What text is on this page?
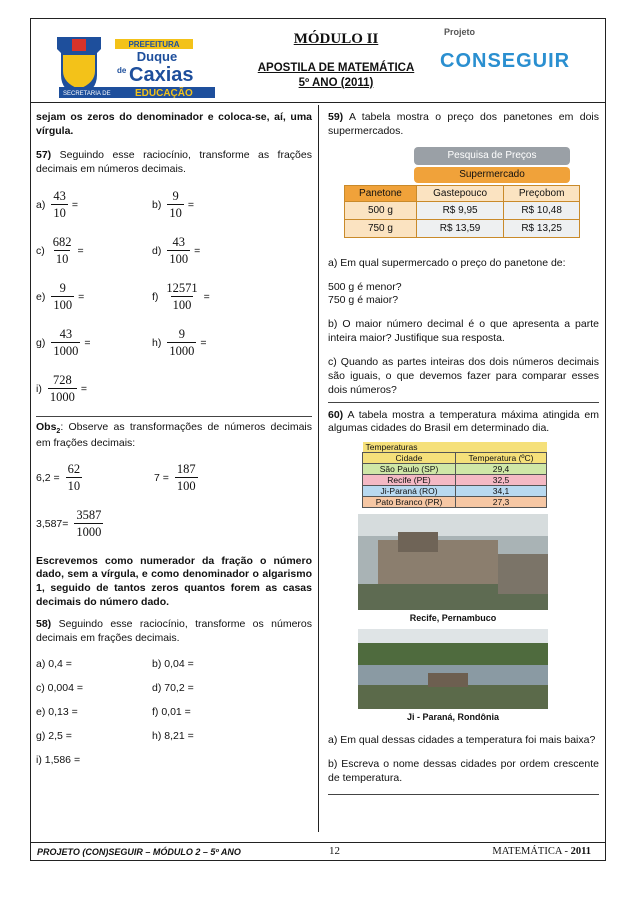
PREFEITURA
Duque
de Caxias
SECRETARIA DE EDUCAÇÃO
MÓDULO II
APOSTILA DE MATEMÁTICA
5º ANO (2011)
Projeto
CONSEGUIR

sejam os zeros do denominador e coloca-se, aí, uma vírgula.

57) Seguindo esse raciocínio, transforme as frações decimais em números decimais.

$a) \frac{43}{10}$ =	$b) \frac{9}{10}$ =
$c) \frac{682}{10}$ =	$d) \frac{43}{100}$ =
$e) \frac{9}{100}$ =	$f) \frac{12571}{100}$ =
$g) \frac{43}{1000}$ =	$h) \frac{9}{1000}$ =
$i) \frac{728}{1000}$ =

Obs$_2$: Observe as transformações de números decimais em frações decimais:

$6,2 = \frac{62}{10}$	$7 = \frac{187}{100}$
$3,587= \frac{3587}{1000}$

Escrevemos como numerador da fração o número dado, sem a vírgula, e como denominador o algarismo 1, seguido de tantos zeros quantos forem as casas decimais do número dado.

58) Seguindo esse raciocínio, transforme os números decimais em frações decimais.

a) 0,4 =	b) 0,04 =
c) 0,004 =	d) 70,2 =
e) 0,13 =	f) 0,01 =
g) 2,5 =	h) 8,21 =
i) 1,586 =

59) A tabela mostra o preço dos panetones em dois supermercados.

Pesquisa de Preços
Supermercado
Panetone	Gastepouco	Preçobom
500 g	R$ 9,95	R$ 10,48
750 g	R$ 13,59	R$ 13,25

a) Em qual supermercado o preço do panetone de:

500 g é menor?

750 g é maior?

b) O maior número decimal é o que apresenta a parte inteira maior? Justifique sua resposta.

c) Quando as partes inteiras dos dois números decimais são iguais, o que devemos fazer para comparar esses dois números?

60) A tabela mostra a temperatura máxima atingida em algumas cidades do Brasil em determinado dia.

Temperaturas	
Cidade	Temperatura (ºC)
São Paulo (SP)	29,4
Recife (PE)	32,5
Ji-Paraná (RO)	34,1
Pato Branco (PR)	27,3
Recife, Pernambuco
Ji - Paraná, Rondônia

a) Em qual dessas cidades a temperatura foi mais baixa?

b) Escreva o nome dessas cidades por ordem crescente de temperatura.

PROJETO (CON)SEGUIR – MÓDULO 2 – 5º ANO	12	MATEMÁTICA - 2011
